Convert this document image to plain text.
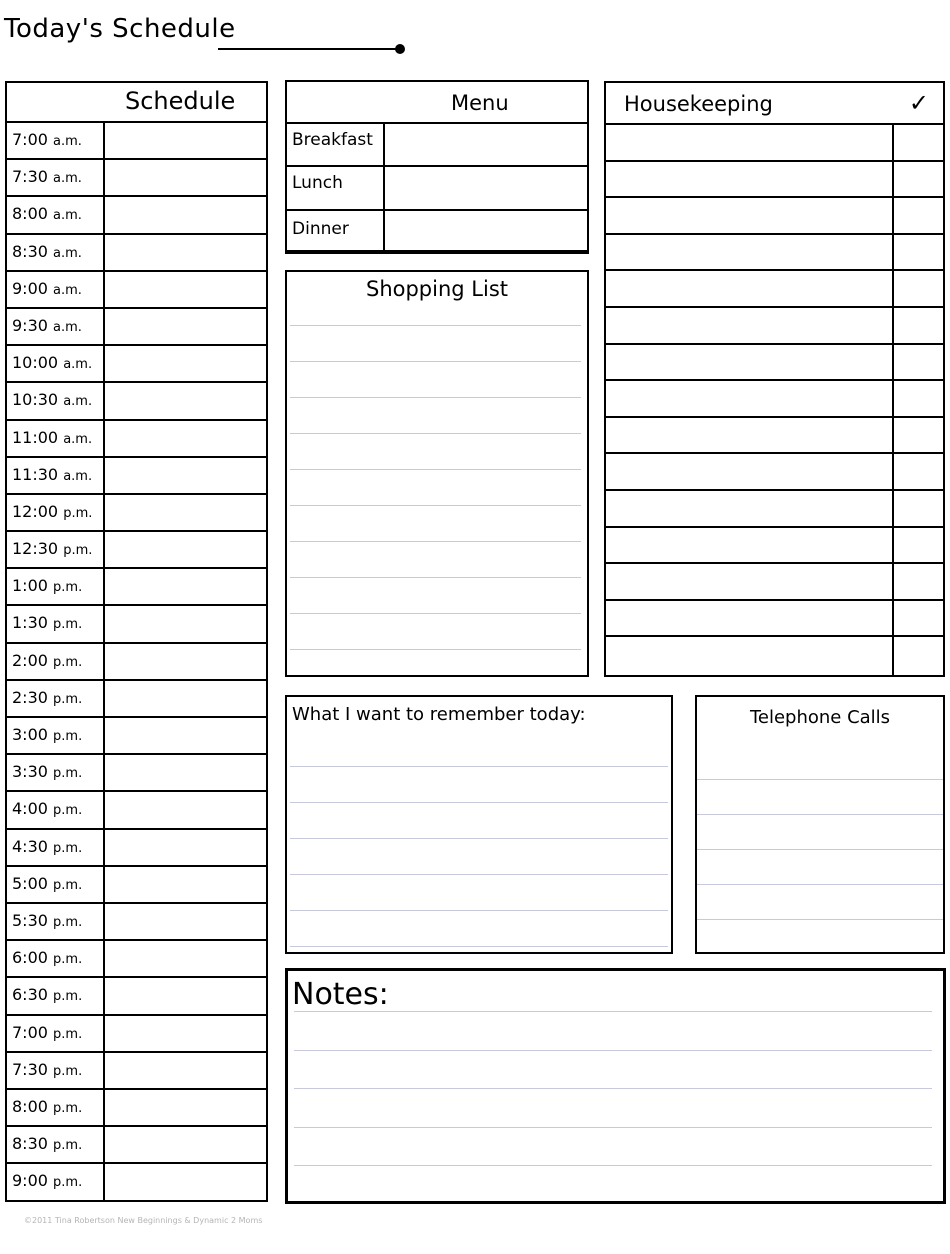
Today's Schedule
Schedule
7:00 a.m.
7:30 a.m.
8:00 a.m.
8:30 a.m.
9:00 a.m.
9:30 a.m.
10:00 a.m.
10:30 a.m.
11:00 a.m.
11:30 a.m.
12:00 p.m.
12:30 p.m.
1:00 p.m.
1:30 p.m.
2:00 p.m.
2:30 p.m.
3:00 p.m.
3:30 p.m.
4:00 p.m.
4:30 p.m.
5:00 p.m.
5:30 p.m.
6:00 p.m.
6:30 p.m.
7:00 p.m.
7:30 p.m.
8:00 p.m.
8:30 p.m.
9:00 p.m.
Menu
Breakfast
Lunch
Dinner
Shopping List
Housekeeping	✓
What I want to remember today:	Telephone Calls
Notes:
©2011 Tina Robertson New Beginnings & Dynamic 2 Moms
